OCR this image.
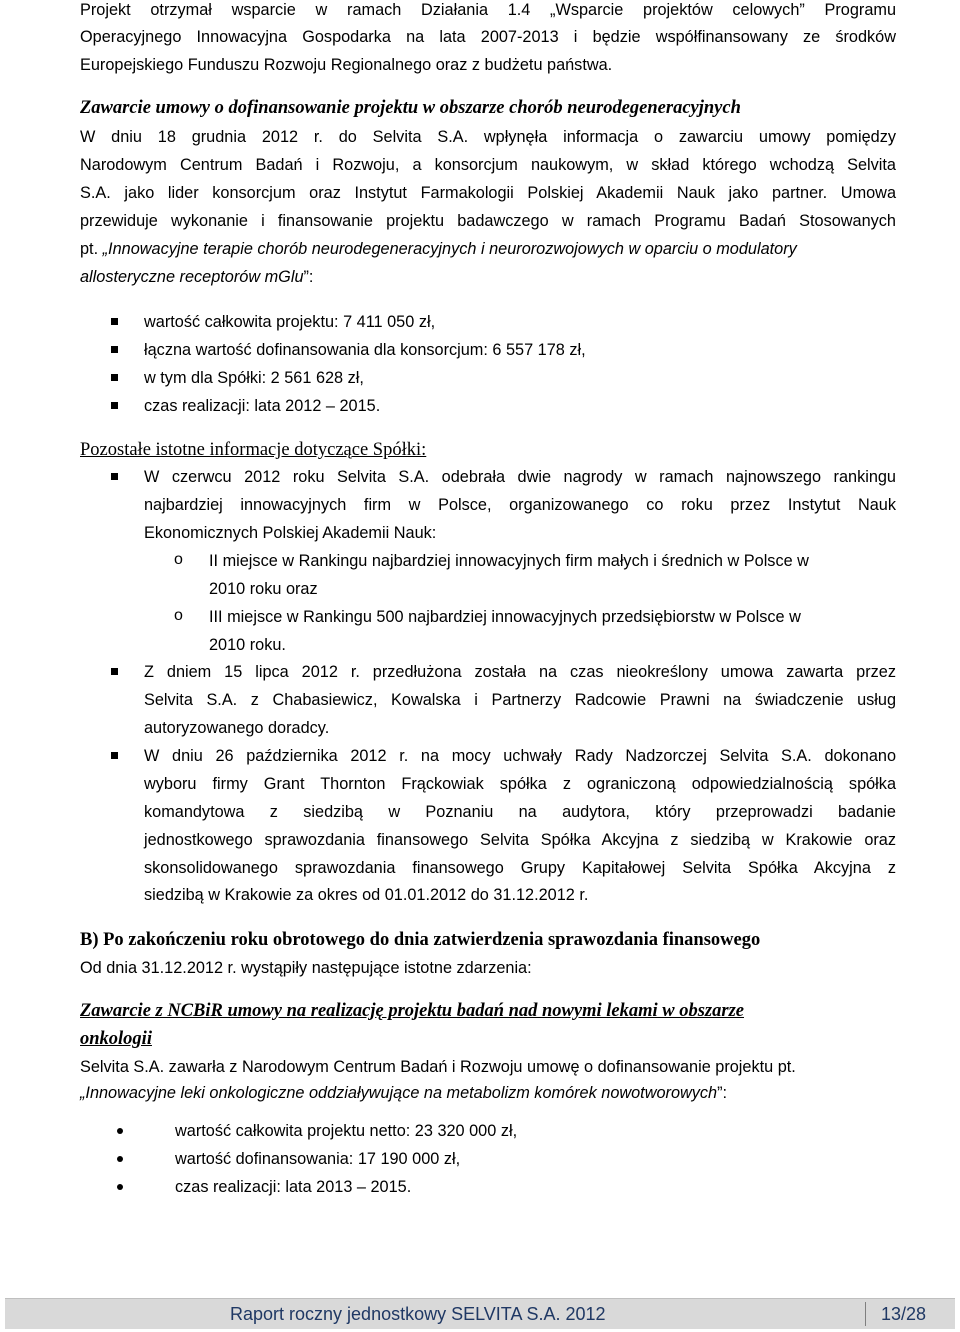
Projekt otrzymał wsparcie w ramach Działania 1.4 „Wsparcie projektów celowych” Programu
Operacyjnego Innowacyjna Gospodarka na lata 2007-2013 i będzie współfinansowany ze środków
Europejskiego Funduszu Rozwoju Regionalnego oraz z budżetu państwa.
Zawarcie umowy o dofinansowanie projektu w obszarze chorób neurodegeneracyjnych
W dniu 18 grudnia 2012 r. do Selvita S.A. wpłynęła informacja o zawarciu umowy pomiędzy
Narodowym Centrum Badań i Rozwoju, a konsorcjum naukowym, w skład którego wchodzą Selvita
S.A. jako lider konsorcjum oraz Instytut Farmakologii Polskiej Akademii Nauk jako partner. Umowa
przewiduje wykonanie i finansowanie projektu badawczego w ramach Programu Badań Stosowanych
pt. „Innowacyjne terapie chorób neurodegeneracyjnych i neurorozwojowych w oparciu o modulatory
allosteryczne receptorów mGlu”:
wartość całkowita projektu: 7 411 050 zł,
łączna wartość dofinansowania dla konsorcjum: 6 557 178 zł,
w tym dla Spółki: 2 561 628 zł,
czas realizacji: lata 2012 – 2015.
Pozostałe istotne informacje dotyczące Spółki:
W czerwcu 2012 roku Selvita S.A. odebrała dwie nagrody w ramach najnowszego rankingu
najbardziej innowacyjnych firm w Polsce, organizowanego co roku przez Instytut Nauk
Ekonomicznych Polskiej Akademii Nauk:
o II miejsce w Rankingu najbardziej innowacyjnych firm małych i średnich w Polsce w
2010 roku oraz
o III miejsce w Rankingu 500 najbardziej innowacyjnych przedsiębiorstw w Polsce w
2010 roku.
Z dniem 15 lipca 2012 r. przedłużona została na czas nieokreślony umowa zawarta przez
Selvita S.A. z Chabasiewicz, Kowalska i Partnerzy Radcowie Prawni na świadczenie usług
autoryzowanego doradcy.
W dniu 26 października 2012 r. na mocy uchwały Rady Nadzorczej Selvita S.A. dokonano
wyboru firmy Grant Thornton Frąckowiak spółka z ograniczoną odpowiedzialnością spółka
komandytowa z siedzibą w Poznaniu na audytora, który przeprowadzi badanie
jednostkowego sprawozdania finansowego Selvita Spółka Akcyjna z siedzibą w Krakowie oraz
skonsolidowanego sprawozdania finansowego Grupy Kapitałowej Selvita Spółka Akcyjna z
siedzibą w Krakowie za okres od 01.01.2012 do 31.12.2012 r.
B) Po zakończeniu roku obrotowego do dnia zatwierdzenia sprawozdania finansowego
Od dnia 31.12.2012 r. wystąpiły następujące istotne zdarzenia:
Zawarcie z NCBiR umowy na realizację projektu badań nad nowymi lekami w obszarze
onkologii
Selvita S.A. zawarła z Narodowym Centrum Badań i Rozwoju umowę o dofinansowanie projektu pt.
„Innowacyjne leki onkologiczne oddziaływujące na metabolizm komórek nowotworowych”:
wartość całkowita projektu netto: 23 320 000 zł,
wartość dofinansowania: 17 190 000 zł,
czas realizacji: lata 2013 – 2015.
Raport roczny jednostkowy SELVITA S.A. 2012	13/28
